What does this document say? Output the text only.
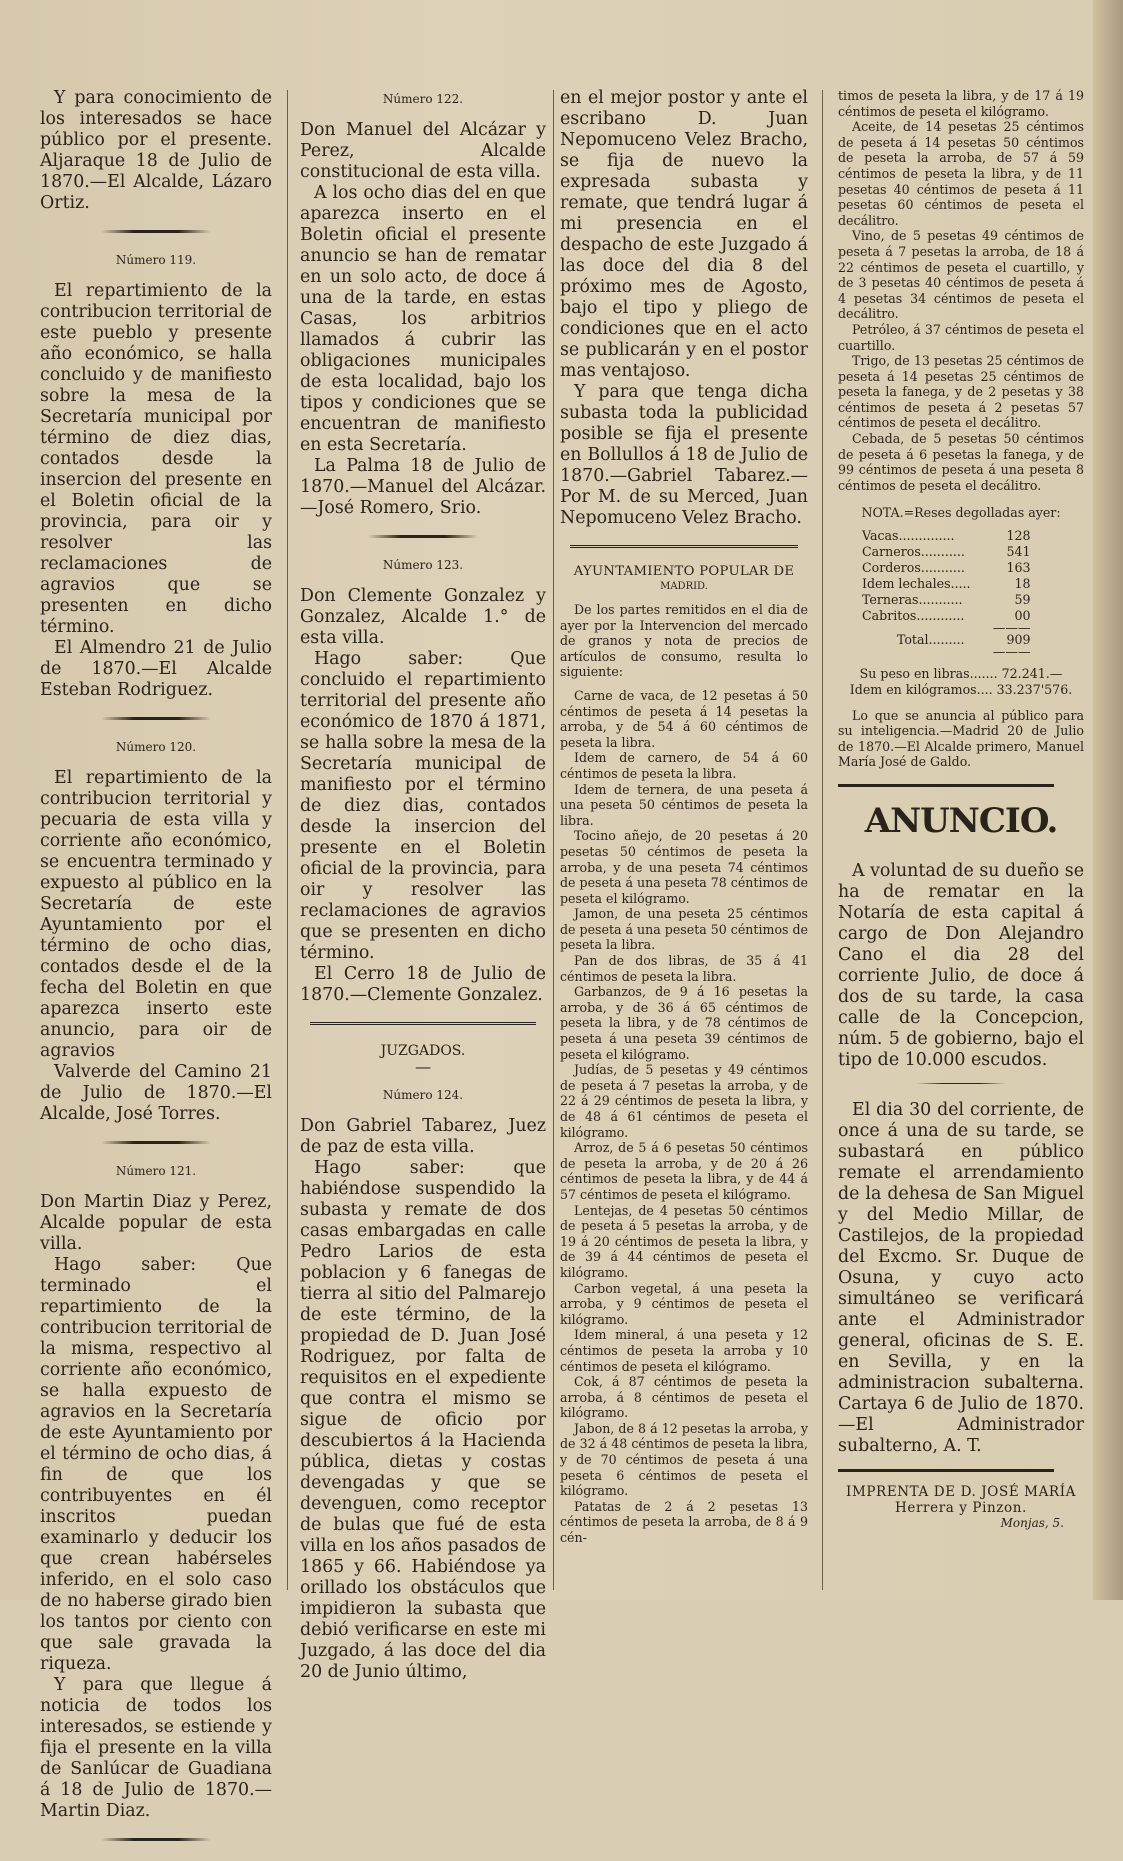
Y para conocimiento de los interesados se hace público por el presente. Aljaraque 18 de Julio de 1870.—El Alcalde, Lázaro Ortiz.

Número 119.

El repartimiento de la contribucion territorial de este pueblo y presente año económico, se halla concluido y de manifiesto sobre la mesa de la Secretaría municipal por término de diez dias, contados desde la insercion del presente en el Boletin oficial de la provincia, para oir y resolver las reclamaciones de agravios que se presenten en dicho término.

El Almendro 21 de Julio de 1870.—El Alcalde Esteban Rodriguez.

Número 120.

El repartimiento de la contribucion territorial y pecuaria de esta villa y corriente año económico, se encuentra terminado y expuesto al público en la Secretaría de este Ayuntamiento por el término de ocho dias, contados desde el de la fecha del Boletin en que aparezca inserto este anuncio, para oir de agravios

Valverde del Camino 21 de Julio de 1870.—El Alcalde, José Torres.

Número 121.

Don Martin Diaz y Perez, Alcalde popular de esta villa.

Hago saber: Que terminado el repartimiento de la contribucion territorial de la misma, respectivo al corriente año económico, se halla expuesto de agravios en la Secretaría de este Ayuntamiento por el término de ocho dias, á fin de que los contribuyentes en él inscritos puedan examinarlo y deducir los que crean habérseles inferido, en el solo caso de no haberse girado bien los tantos por ciento con que sale gravada la riqueza.

Y para que llegue á noticia de todos los interesados, se estiende y fija el presente en la villa de Sanlúcar de Guadiana á 18 de Julio de 1870.—Martin Diaz.

Número 122.

Don Manuel del Alcázar y Perez, Alcalde constitucional de esta villa.

A los ocho dias del en que aparezca inserto en el Boletin oficial el presente anuncio se han de rematar en un solo acto, de doce á una de la tarde, en estas Casas, los arbitrios llamados á cubrir las obligaciones municipales de esta localidad, bajo los tipos y condiciones que se encuentran de manifiesto en esta Secretaría.

La Palma 18 de Julio de 1870.—Manuel del Alcázar.—José Romero, Srio.

Número 123.

Don Clemente Gonzalez y Gonzalez, Alcalde 1.° de esta villa.

Hago saber: Que concluido el repartimiento territorial del presente año económico de 1870 á 1871, se halla sobre la mesa de la Secretaría municipal de manifiesto por el término de diez dias, contados desde la insercion del presente en el Boletin oficial de la provincia, para oir y resolver las reclamaciones de agravios que se presenten en dicho término.

El Cerro 18 de Julio de 1870.—Clemente Gonzalez.

JUZGADOS.
—
Número 124.

Don Gabriel Tabarez, Juez de paz de esta villa.

Hago saber: que habiéndose suspendido la subasta y remate de dos casas embargadas en calle Pedro Larios de esta poblacion y 6 fanegas de tierra al sitio del Palmarejo de este término, de la propiedad de D. Juan José Rodriguez, por falta de requisitos en el expediente que contra el mismo se sigue de oficio por descubiertos á la Hacienda pública, dietas y costas devengadas y que se devenguen, como receptor de bulas que fué de esta villa en los años pasados de 1865 y 66. Habiéndose ya orillado los obstáculos que impidieron la subasta que debió verificarse en este mi Juzgado, á las doce del dia 20 de Junio último,

en el mejor postor y ante el escribano D. Juan Nepomuceno Velez Bracho, se fija de nuevo la expresada subasta y remate, que tendrá lugar á mi presencia en el despacho de este Juzgado á las doce del dia 8 del próximo mes de Agosto, bajo el tipo y pliego de condiciones que en el acto se publicarán y en el postor mas ventajoso.

Y para que tenga dicha subasta toda la publicidad posible se fija el presente en Bollullos á 18 de Julio de 1870.—Gabriel Tabarez.—Por M. de su Merced, Juan Nepomuceno Velez Bracho.

AYUNTAMIENTO POPULAR DE
MADRID.

De los partes remitidos en el dia de ayer por la Intervencion del mercado de granos y nota de precios de artículos de consumo, resulta lo siguiente:

Carne de vaca, de 12 pesetas á 50 céntimos de peseta á 14 pesetas la arroba, y de 54 á 60 céntimos de peseta la libra.

Idem de carnero, de 54 á 60 céntimos de peseta la libra.

Idem de ternera, de una peseta á una peseta 50 céntimos de peseta la libra.

Tocino añejo, de 20 pesetas á 20 pesetas 50 céntimos de peseta la arroba, y de una peseta 74 céntimos de peseta á una peseta 78 céntimos de peseta el kilógramo.

Jamon, de una peseta 25 céntimos de peseta á una peseta 50 céntimos de peseta la libra.

Pan de dos libras, de 35 á 41 céntimos de peseta la libra.

Garbanzos, de 9 á 16 pesetas la arroba, y de 36 á 65 céntimos de peseta la libra, y de 78 céntimos de peseta á una peseta 39 céntimos de peseta el kilógramo.

Judías, de 5 pesetas y 49 céntimos de peseta á 7 pesetas la arroba, y de 22 á 29 céntimos de peseta la libra, y de 48 á 61 céntimos de peseta el kilógramo.

Arroz, de 5 á 6 pesetas 50 céntimos de peseta la arroba, y de 20 á 26 céntimos de peseta la libra, y de 44 á 57 céntimos de peseta el kilógramo.

Lentejas, de 4 pesetas 50 céntimos de peseta á 5 pesetas la arroba, y de 19 á 20 céntimos de peseta la libra, y de 39 á 44 céntimos de peseta el kilógramo.

Carbon vegetal, á una peseta la arroba, y 9 céntimos de peseta el kilógramo.

Idem mineral, á una peseta y 12 céntimos de peseta la arroba y 10 céntimos de peseta el kilógramo.

Cok, á 87 céntimos de peseta la arroba, á 8 céntimos de peseta el kilógramo.

Jabon, de 8 á 12 pesetas la arroba, y de 32 á 48 céntimos de peseta la libra, y de 70 céntimos de peseta á una peseta 6 céntimos de peseta el kilógramo.

Patatas de 2 á 2 pesetas 13 céntimos de peseta la arroba, de 8 á 9 cén-

timos de peseta la libra, y de 17 á 19 céntimos de peseta el kilógramo.

Aceite, de 14 pesetas 25 céntimos de peseta á 14 pesetas 50 céntimos de peseta la arroba, de 57 á 59 céntimos de peseta la libra, y de 11 pesetas 40 céntimos de peseta á 11 pesetas 60 céntimos de peseta el decálitro.

Vino, de 5 pesetas 49 céntimos de peseta á 7 pesetas la arroba, de 18 á 22 céntimos de peseta el cuartillo, y de 3 pesetas 40 céntimos de peseta á 4 pesetas 34 céntimos de peseta el decálitro.

Petróleo, á 37 céntimos de peseta el cuartillo.

Trigo, de 13 pesetas 25 céntimos de peseta á 14 pesetas 25 céntimos de peseta la fanega, y de 2 pesetas y 38 céntimos de peseta á 2 pesetas 57 céntimos de peseta el decálitro.

Cebada, de 5 pesetas 50 céntimos de peseta á 6 pesetas la fanega, y de 99 céntimos de peseta á una peseta 8 céntimos de peseta el decálitro.

NOTA.=Reses degolladas ayer:
Vacas..............	128
Carneros...........	541
Corderos...........	163
Idem lechales.....	18
Terneras...........	59
Cabritos............	00
	———
Total.........	909
	———

Su peso en libras....... 72.241.—

Idem en kilógramos.... 33.237'576.

Lo que se anuncia al público para su inteligencia.—Madrid 20 de Julio de 1870.—El Alcalde primero, Manuel María José de Galdo.

ANUNCIO.

A voluntad de su dueño se ha de rematar en la Notaría de esta capital á cargo de Don Alejandro Cano el dia 28 del corriente Julio, de doce á dos de su tarde, la casa calle de la Concepcion, núm. 5 de gobierno, bajo el tipo de 10.000 escudos.

El dia 30 del corriente, de once á una de su tarde, se subastará en público remate el arrendamiento de la dehesa de San Miguel y del Medio Millar, de Castilejos, de la propiedad del Excmo. Sr. Duque de Osuna, y cuyo acto simultáneo se verificará ante el Administrador general, oficinas de S. E. en Sevilla, y en la administracion subalterna. Cartaya 6 de Julio de 1870. —El Administrador subalterno, A. T.

IMPRENTA DE D. JOSÉ MARÍA Herrera y Pinzon.
Monjas, 5.
